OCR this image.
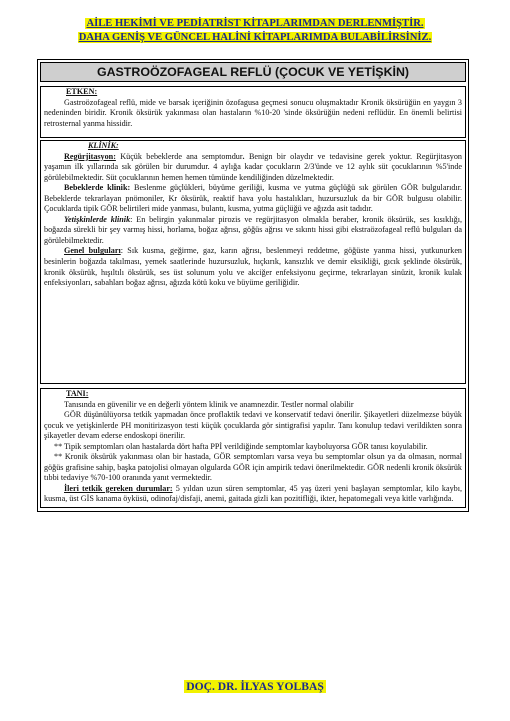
AİLE HEKİMİ VE PEDİATRİST KİTAPLARIMDAN DERLENMİŞTİR.
DAHA GENİŞ VE GÜNCEL HALİNİ KİTAPLARIMDA BULABİLİRSİNİZ.
GASTROÖZOFAGEAL REFLÜ (ÇOCUK VE YETİŞKİN)

ETKEN:

Gastroözofageal reflü, mide ve barsak içeriğinin özofagusa geçmesi sonucu oluşmaktadır Kronik öksürüğün en yaygın 3 nedeninden biridir. Kronik öksürük yakınması olan hastaların %10-20 'sinde öksürüğün nedeni reflüdür. En önemli belirtisi retrosternal yanma hissidir.

KLİNİK:

Regürjitasyon: Küçük bebeklerde ana semptomdur. Benign bir olaydır ve tedavisine gerek yoktur. Regürjitasyon yaşamın ilk yıllarında sık görülen bir durumdur. 4 aylığa kadar çocukların 2/3'ünde ve 12 aylık süt çocuklarının %5'inde görülebilmektedir. Süt çocuklarının hemen hemen tümünde kendiliğinden düzelmektedir.

Bebeklerde klinik: Beslenme güçlükleri, büyüme geriliği, kusma ve yutma güçlüğü sık görülen GÖR bulgularıdır. Bebeklerde tekrarlayan pnömoniler, Kr öksürük, reaktif hava yolu hastalıkları, huzursuzluk da bir GÖR bulgusu olabilir. Çocuklarda tipik GÖR belirtileri mide yanması, bulantı, kusma, yutma güçlüğü ve ağızda asit tadıdır.

Yetişkinlerde klinik: En belirgin yakınmalar pirozis ve regürjitasyon olmakla beraber, kronik öksürük, ses kısıklığı, boğazda sürekli bir şey varmış hissi, horlama, boğaz ağrısı, göğüs ağrısı ve sıkıntı hissi gibi ekstraözofageal reflü bulguları da görülebilmektedir.

Genel bulguları: Sık kusma, geğirme, gaz, karın ağrısı, beslenmeyi reddetme, göğüste yanma hissi, yutkunurken besinlerin boğazda takılması, yemek saatlerinde huzursuzluk, hıçkırık, kansızlık ve demir eksikliği, gıcık şeklinde öksürük, kronik öksürük, hışıltılı öksürük, ses üst solunum yolu ve akciğer enfeksiyonu geçirme, tekrarlayan sinüzit, kronik kulak enfeksiyonları, sabahları boğaz ağrısı, ağızda kötü koku ve büyüme geriliğidir.

TANI:

Tanısında en güvenilir ve en değerli yöntem klinik ve anamnezdir. Testler normal olabilir

GÖR düşünülüyorsa tetkik yapmadan önce proflaktik tedavi ve konservatif tedavi önerilir. Şikayetleri düzelmezse büyük çocuk ve yetişkinlerde PH monitirizasyon testi küçük çocuklarda gör sintigrafisi yapılır. Tanı konulup tedavi verildikten sonra şikayetler devam ederse endoskopi önerilir.

** Tipik semptomları olan hastalarda dört hafta PPİ verildiğinde semptomlar kayboluyorsa GÖR tanısı koyulabilir.

** Kronik öksürük yakınması olan bir hastada, GÖR semptomları varsa veya bu semptomlar olsun ya da olmasın, normal göğüs grafisine sahip, başka patojolisi olmayan olgularda GÖR için ampirik tedavi önerilmektedir. GÖR nedenli kronik öksürük tıbbi tedaviye %70-100 oranında yanıt vermektedir.

İleri tetkik gereken durumlar: 5 yıldan uzun süren semptomlar, 45 yaş üzeri yeni başlayan semptomlar, kilo kaybı, kusma, üst GİS kanama öyküsü, odinofaj/disfaji, anemi, gaitada gizli kan pozitifliği, ikter, hepatomegali veya kitle varlığında.

DOÇ. DR. İLYAS YOLBAŞ
